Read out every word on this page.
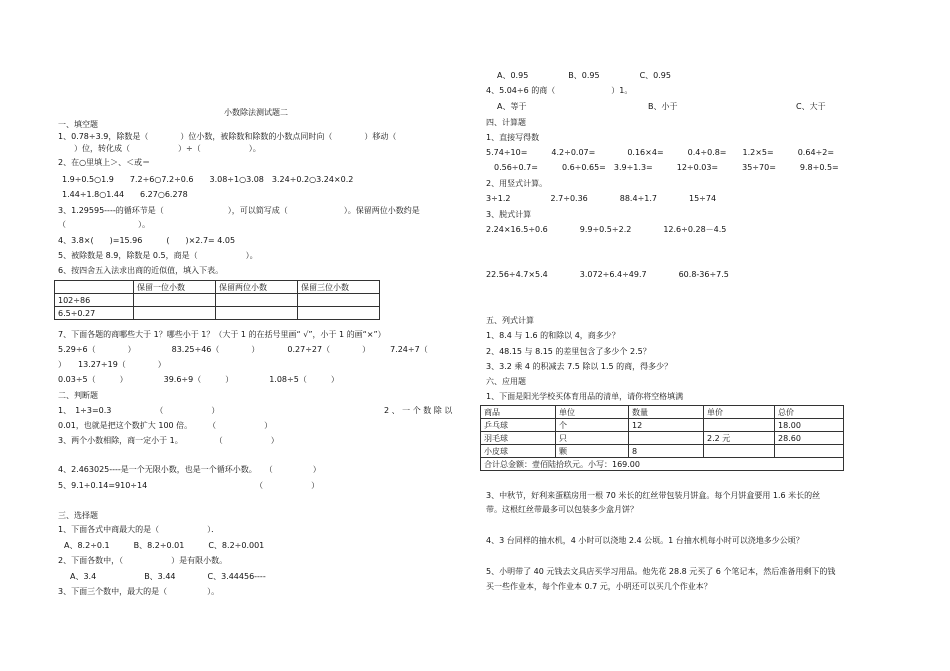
小数除法测试题二
一、填空题
1、0.78÷3.9，除数是（　　　　）位小数，被除数和除数的小数点同时向（　　　　）移动（　　　　
　　）位，转化成（　　　　　　）÷（　　　　　　）。
2、在○里填上＞、＜或＝
1.9÷0.5○1.9　　7.2÷6○7.2÷0.6　　3.08÷1○3.08　3.24÷0.2○3.24×0.2
1.44÷1.8○1.44　　6.27○6.278
3、1.29595----的循环节是（　　　　　　　　），可以简写成（　　　　　　　）。保留两位小数约是
（　　　　　　　　　）。
4、3.8×(　　)=15.96　　　(　　)×2.7= 4.05
5、被除数是 8.9，除数是 0.5，商是（　　　　　　）。
6、按四舍五入法求出商的近似值，填入下表。
	保留一位小数	保留两位小数	保留三位小数
102÷86			
6.5÷0.27			
7、下面各题的商哪些大于 1？哪些小于 1？（大于 1 的在括号里画“ √”，小于 1 的画“×”）
5.29÷6（　　　　）　　　　　83.25÷46（　　　　）　　　　0.27÷27（　　　　）　　　7.24÷7（
）　　13.27÷19（　　　　）
0.03÷5（　　　）　　　　　39.6÷9（　　　）　　　　　1.08÷5（　　　）
二、判断题
1、　1÷3=0.3　　　　　　（　　　　　　）	2 、 一 个 数 除 以
0.01，也就是把这个数扩大 100 倍。　　　（　　　　　　）
3、两个小数相除，商一定小于 1。　　　　　（　　　　　　）
4、2.463025----是一个无限小数，也是一个循环小数。　　（　　　　　）
5、9.1÷0.14=910÷14　　　　　　　　　　　　　　（　　　　　　）
三、选择题
1、下面各式中商最大的是（　　　　　　）．
A、8.2÷0.1　　　B、8.2÷0.01　　　C、8.2÷0.001
2、下面各数中，（　　　　　　）是有限小数。
　A、3.4　　　　　　B、3.44　　　　C、3.44456----
3、下面三个数中，最大的是（　　　　　）。
A、0.95　　　　　B、0.95　　　　　C、0.95
4、5.04÷6 的商（　　　　　　　）1。
A、等于	B、小于	C、大于
四、计算题
1、直接写得数
5.74÷10=　　　4.2÷0.07=　　　　0.16×4=　　　0.4÷0.8=　　1.2×5=　　　0.64÷2=
　0.56÷0.7=　　　0.6÷0.65=　3.9÷1.3=　　　12÷0.03=　　　35÷70=　　　9.8÷0.5=
2、用竖式计算。
3÷1.2　　　　　2.7÷0.36　　　　88.4÷1.7　　　　15÷74
3、脱式计算
2.24×16.5÷0.6　　　　9.9÷0.5÷2.2　　　　12.6÷0.28－4.5
22.56÷4.7×5.4　　　　3.072÷6.4÷49.7　　　　60.8-36÷7.5
五、列式计算
1、8.4 与 1.6 的和除以 4，商多少？
2、48.15 与 8.15 的差里包含了多少个 2.5？
3、3.2 乘 4 的积减去 7.5 除以 1.5 的商，得多少？
六、应用题
1、下面是阳光学校买体育用品的清单，请你将空格填满
商品	单位	数量	单价	总价
乒乓球	个	12		18.00
羽毛球	只		2.2 元	28.60
小皮球	颗	8		
合计总金额：壹佰陆拾玖元。小写：169.00				
3、中秋节，好利来蛋糕房用一根 70 米长的红丝带包装月饼盒。每个月饼盒要用 1.6 米长的丝
带。这根红丝带最多可以包装多少盒月饼？
4、3 台同样的抽水机，4 小时可以浇地 2.4 公顷。1 台抽水机每小时可以浇地多少公顷？
5、小明带了 40 元钱去文具店买学习用品。他先花 28.8 元买了 6 个笔记本，然后准备用剩下的钱
买一些作业本，每个作业本 0.7 元，小明还可以买几个作业本？
